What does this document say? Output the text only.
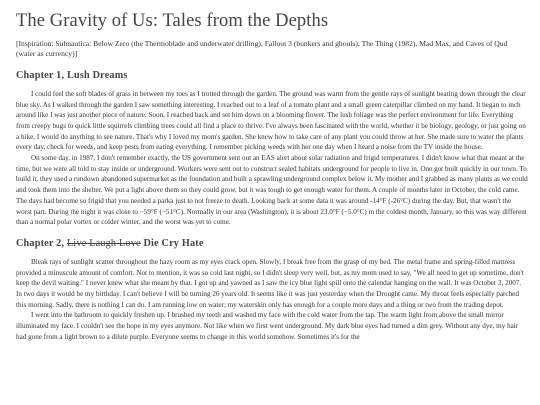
The Gravity of Us: Tales from the Depths

[Inspiration: Subnautica: Below Zero (the Thermoblade and underwater drilling), Fallout 3 (bunkers and ghouls), The Thing (1982), Mad Max, and Caves of Qud (water as currency)]

Chapter 1, Lush Dreams

I could feel the soft blades of grass in between my toes as I trotted through the garden. The ground was warm from the gentle rays of sunlight beating down through the clear blue sky. As I walked through the garden I saw something interesting. I reached out to a leaf of a tomato plant and a small green caterpillar climbed on my hand. It began to inch around like I was just another piece of nature. Soon, I reached back and set him down on a blooming flower. The lush foliage was the perfect environment for life. Everything from creepy bugs to quick little squirrels climbing trees could all find a place to thrive. I've always been fascinated with the world, whether it be biology, geology, or just going on a hike, I would do anything to see nature. That's why I loved my mom's garden. She knew how to take care of any plant you could throw at her. She made sure to water the plants every day, check for weeds, and keep pests from eating everything. I remember picking weeds with her one day when I heard a noise from the TV inside the house.

On some day, in 1987, I don't remember exactly, the US government sent out an EAS alert about solar radiation and frigid temperatures. I didn't know what that meant at the time, but we were all told to stay inside or underground. Workers were sent out to construct sealed habitats underground for people to live in. One got built quickly in our town. To build it, they used a rundown abandoned supermarket as the foundation and built a sprawling underground complex below it. My mother and I grabbed as many plants as we could and took them into the shelter. We put a light above them so they could grow, but it was tough to get enough water for them. A couple of months later in October, the cold came. The days had become so frigid that you needed a parka just to not freeze to death. Looking back at some data it was around -14°F (-26°C) during the day. But, that wasn't the worst part. During the night it was close to −59°F (−51°C). Normally in our area (Washington), it is about 23.0°F (−5.0°C) in the coldest month, January, so this was way different than a normal polar vortex or colder winter, and the worst was yet to come.

Chapter 2, Live Laugh Love Die Cry Hate

Bleak rays of sunlight scatter throughout the hazy room as my eyes crack open. Slowly, I break free from the grasp of my bed. The metal frame and spring-filled mattress provided a minuscule amount of comfort. Not to mention, it was so cold last night, so I didn't sleep very well, but, as my mom used to say, "We all need to get up sometime, don't keep the devil waiting." I never knew what she meant by that. I got up and yawned as I saw the icy blue light spill onto the calendar hanging on the wall. It was October 3, 2007. In two days it would be my birthday. I can't believe I will be turning 26 years old. It seems like it was just yesterday when the Drought came. My throat feels especially parched this morning. Sadly, there is nothing I can do. I am running low on water; my waterskin only has enough for a couple more days and a thing or two from the trading depot.

I went into the bathroom to quickly freshen up. I brushed my teeth and washed my face with the cold water from the tap. The warm light from above the small mirror illuminated my face. I couldn't see the hope in my eyes anymore. Not like when we first went underground. My dark blue eyes had turned a dim grey. Without any dye, my hair had gone from a light brown to a dilute purple. Everyone seems to change in this world somehow. Sometimes it's for the
